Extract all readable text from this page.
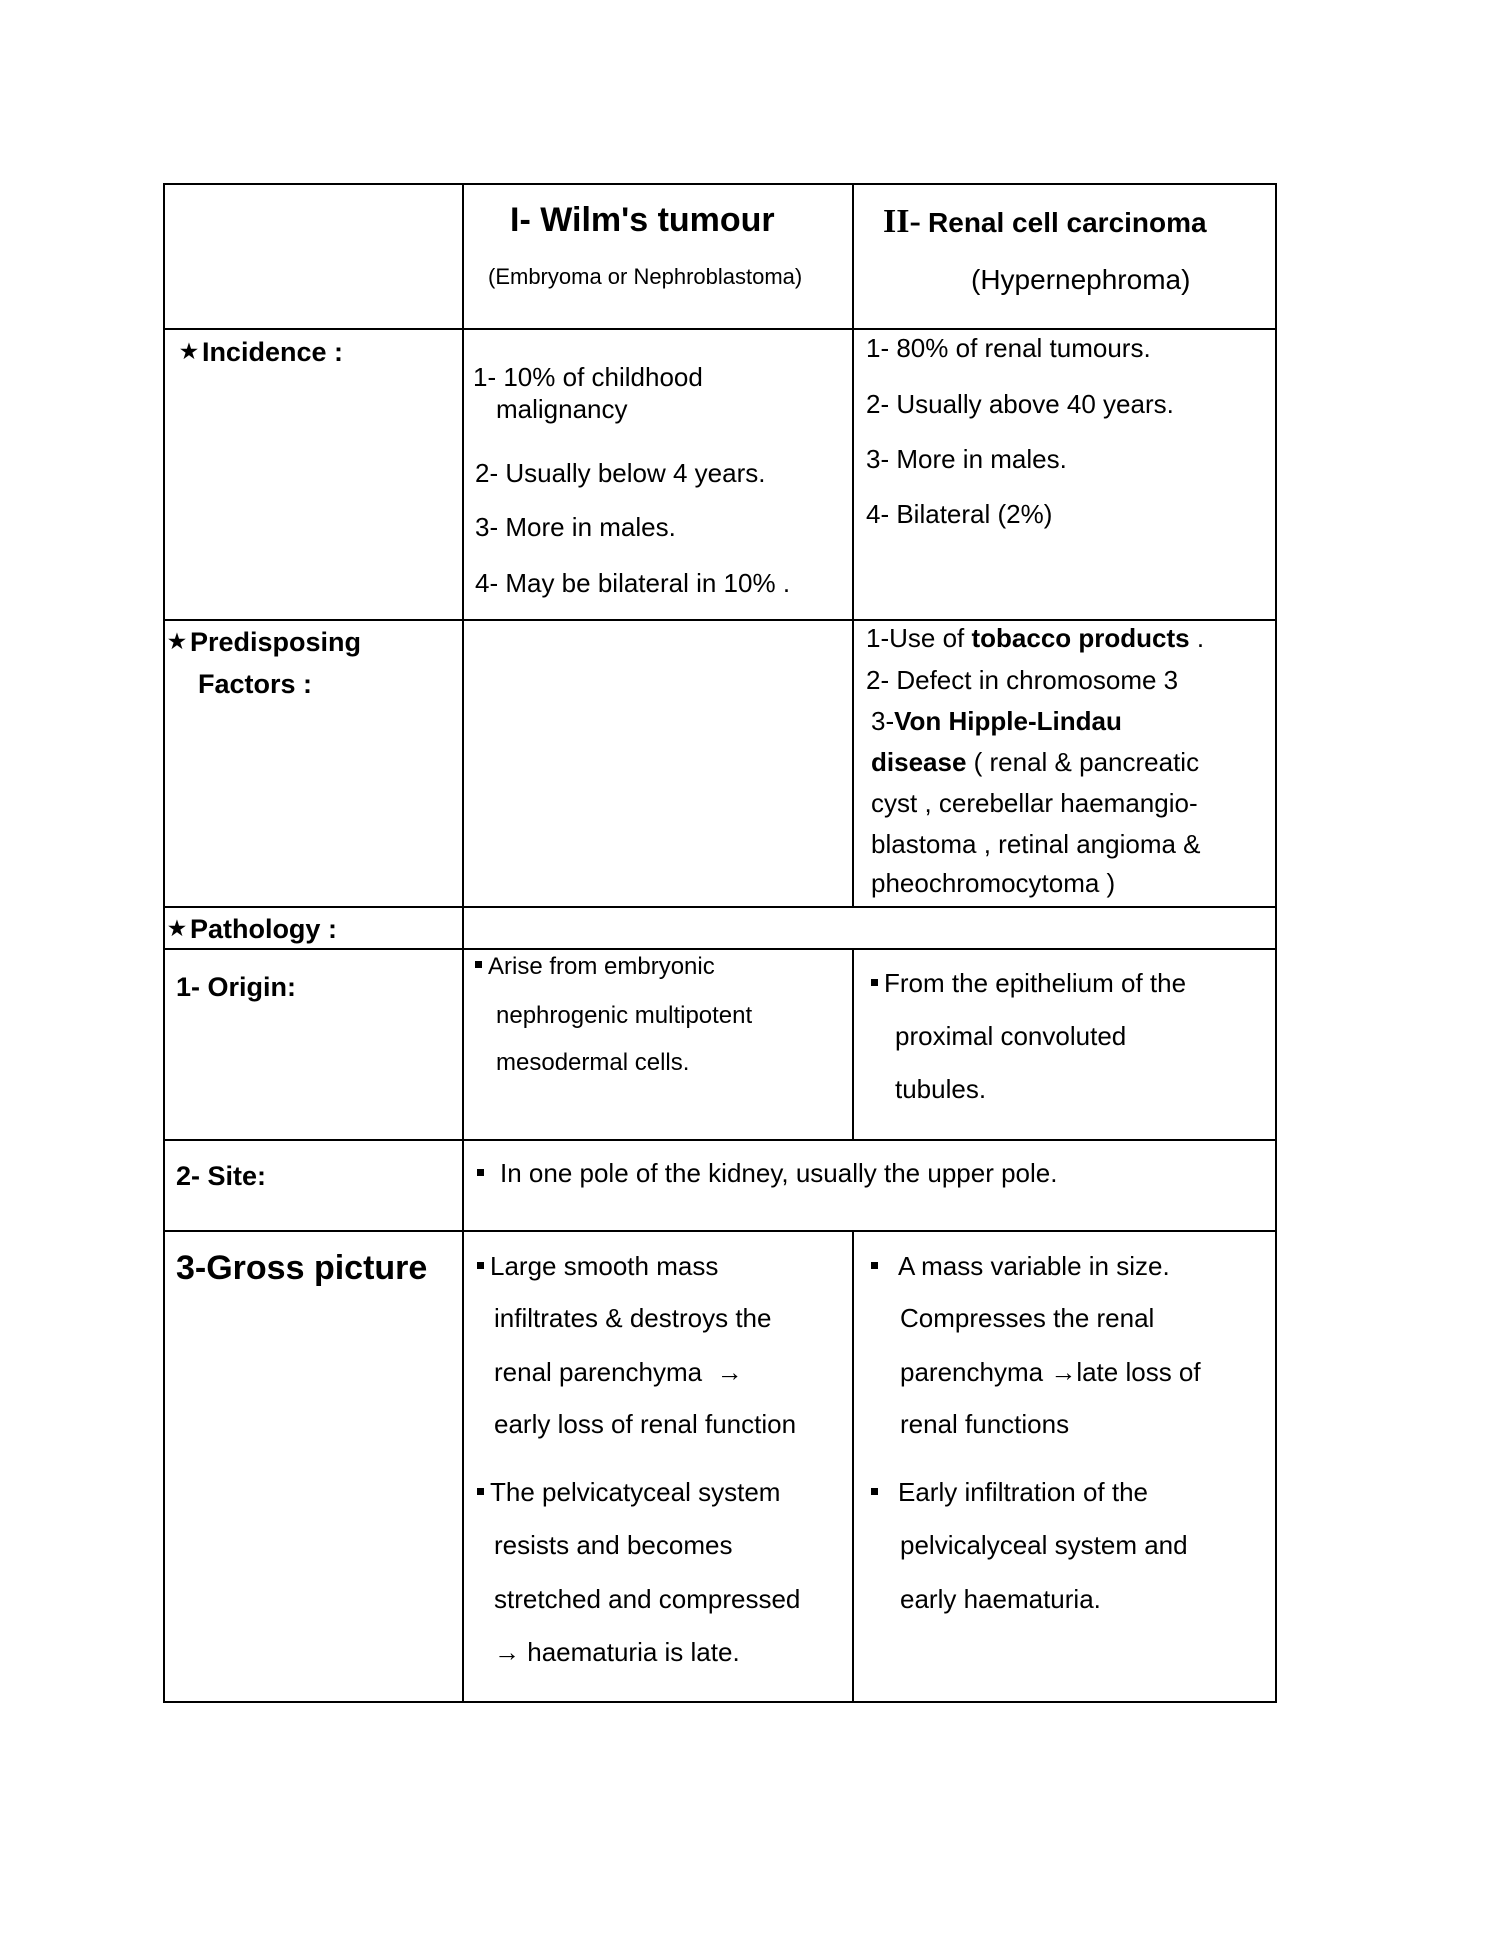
I- Wilm's tumour
(Embryoma or Nephroblastoma)
II- Renal cell carcinoma
(Hypernephroma)
★ Incidence :
1- 10% of childhood
malignancy
2- Usually below 4 years.
3- More in males.
4- May be bilateral in 10% .
1- 80% of renal tumours.
2- Usually above 40 years.
3- More in males.
4- Bilateral (2%)
★ Predisposing
Factors :
1-Use of tobacco products .
2- Defect in chromosome 3
3-Von Hipple-Lindau
disease ( renal & pancreatic
cyst , cerebellar haemangio-
blastoma , retinal angioma &
pheochromocytoma )
★ Pathology :
1- Origin:
Arise from embryonic
nephrogenic multipotent
mesodermal cells.
From the epithelium of the
proximal convoluted
tubules.
2- Site:	In one pole of the kidney, usually the upper pole.
3-Gross picture	Large smooth mass
infiltrates & destroys the
renal parenchyma →
early loss of renal function
The pelvicatyceal system
resists and becomes
stretched and compressed
→ haematuria is late.
A mass variable in size.
Compresses the renal
parenchyma →late loss of
renal functions
Early infiltration of the
pelvicalyceal system and
early haematuria.
